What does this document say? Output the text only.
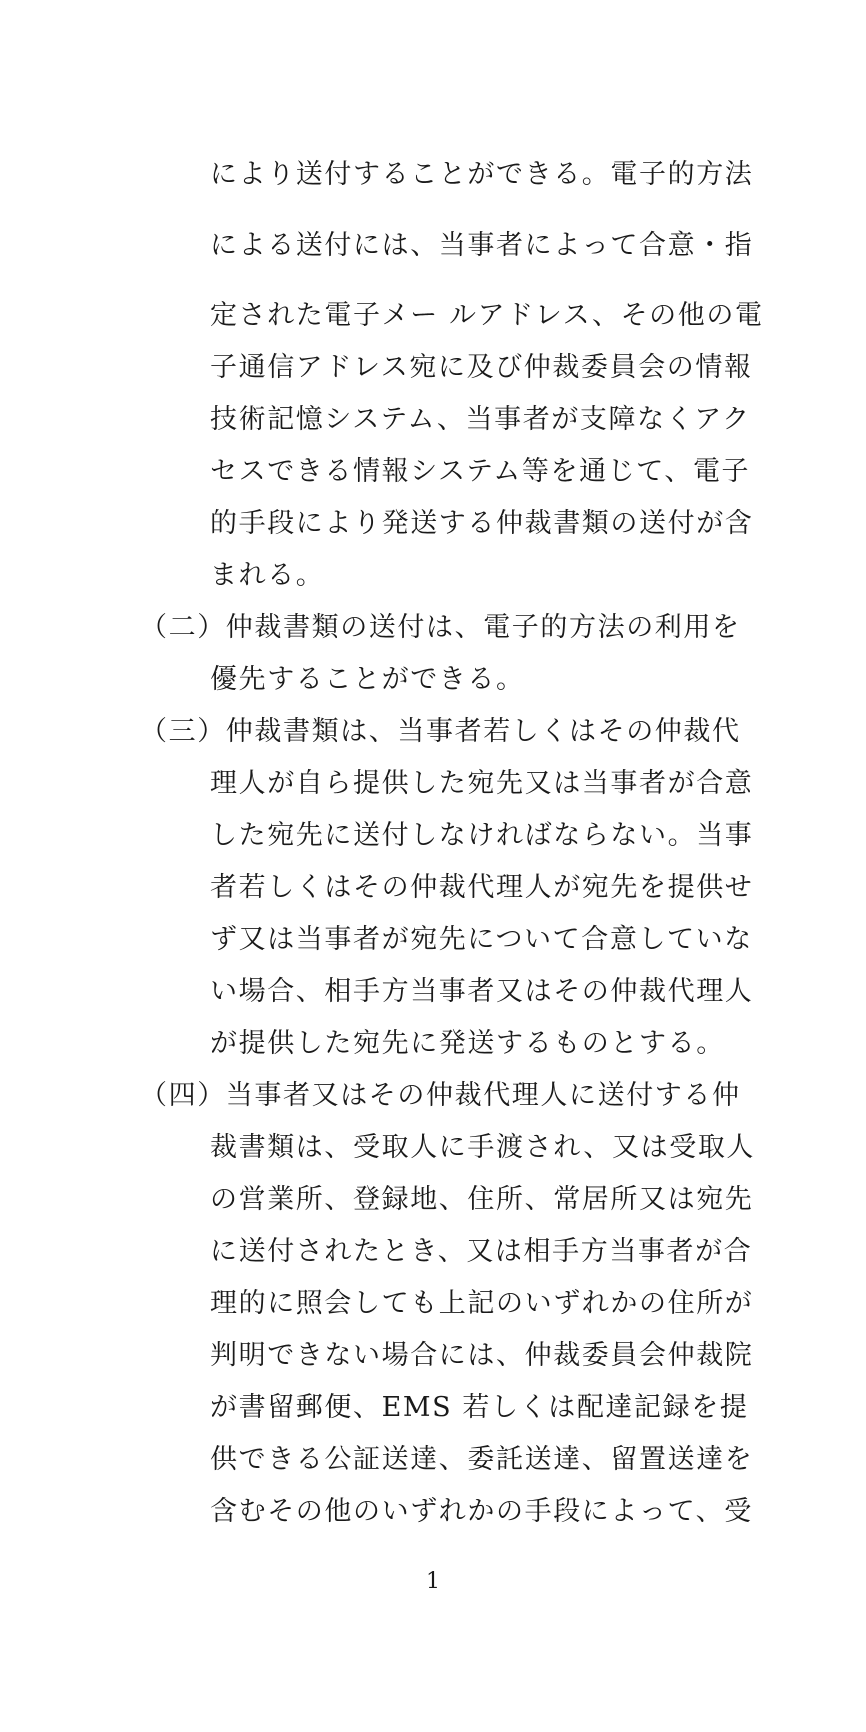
により送付することができる。電子的方法
による送付には、当事者によって合意・指
定された電子メー ルアドレス、その他の電
子通信アドレス宛に及び仲裁委員会の情報
技術記憶システム、当事者が支障なくアク
セスできる情報システム等を通じて、電子
的手段により発送する仲裁書類の送付が含
まれる。
（二）仲裁書類の送付は、電子的方法の利用を
優先することができる。
（三）仲裁書類は、当事者若しくはその仲裁代
理人が自ら提供した宛先又は当事者が合意
した宛先に送付しなければならない。当事
者若しくはその仲裁代理人が宛先を提供せ
ず又は当事者が宛先について合意していな
い場合、相手方当事者又はその仲裁代理人
が提供した宛先に発送するものとする。
（四）当事者又はその仲裁代理人に送付する仲
裁書類は、受取人に手渡され、又は受取人
の営業所、登録地、住所、常居所又は宛先
に送付されたとき、又は相手方当事者が合
理的に照会しても上記のいずれかの住所が
判明できない場合には、仲裁委員会仲裁院
が書留郵便、EMS 若しくは配達記録を提
供できる公証送達、委託送達、留置送達を
含むその他のいずれかの手段によって、受
1
